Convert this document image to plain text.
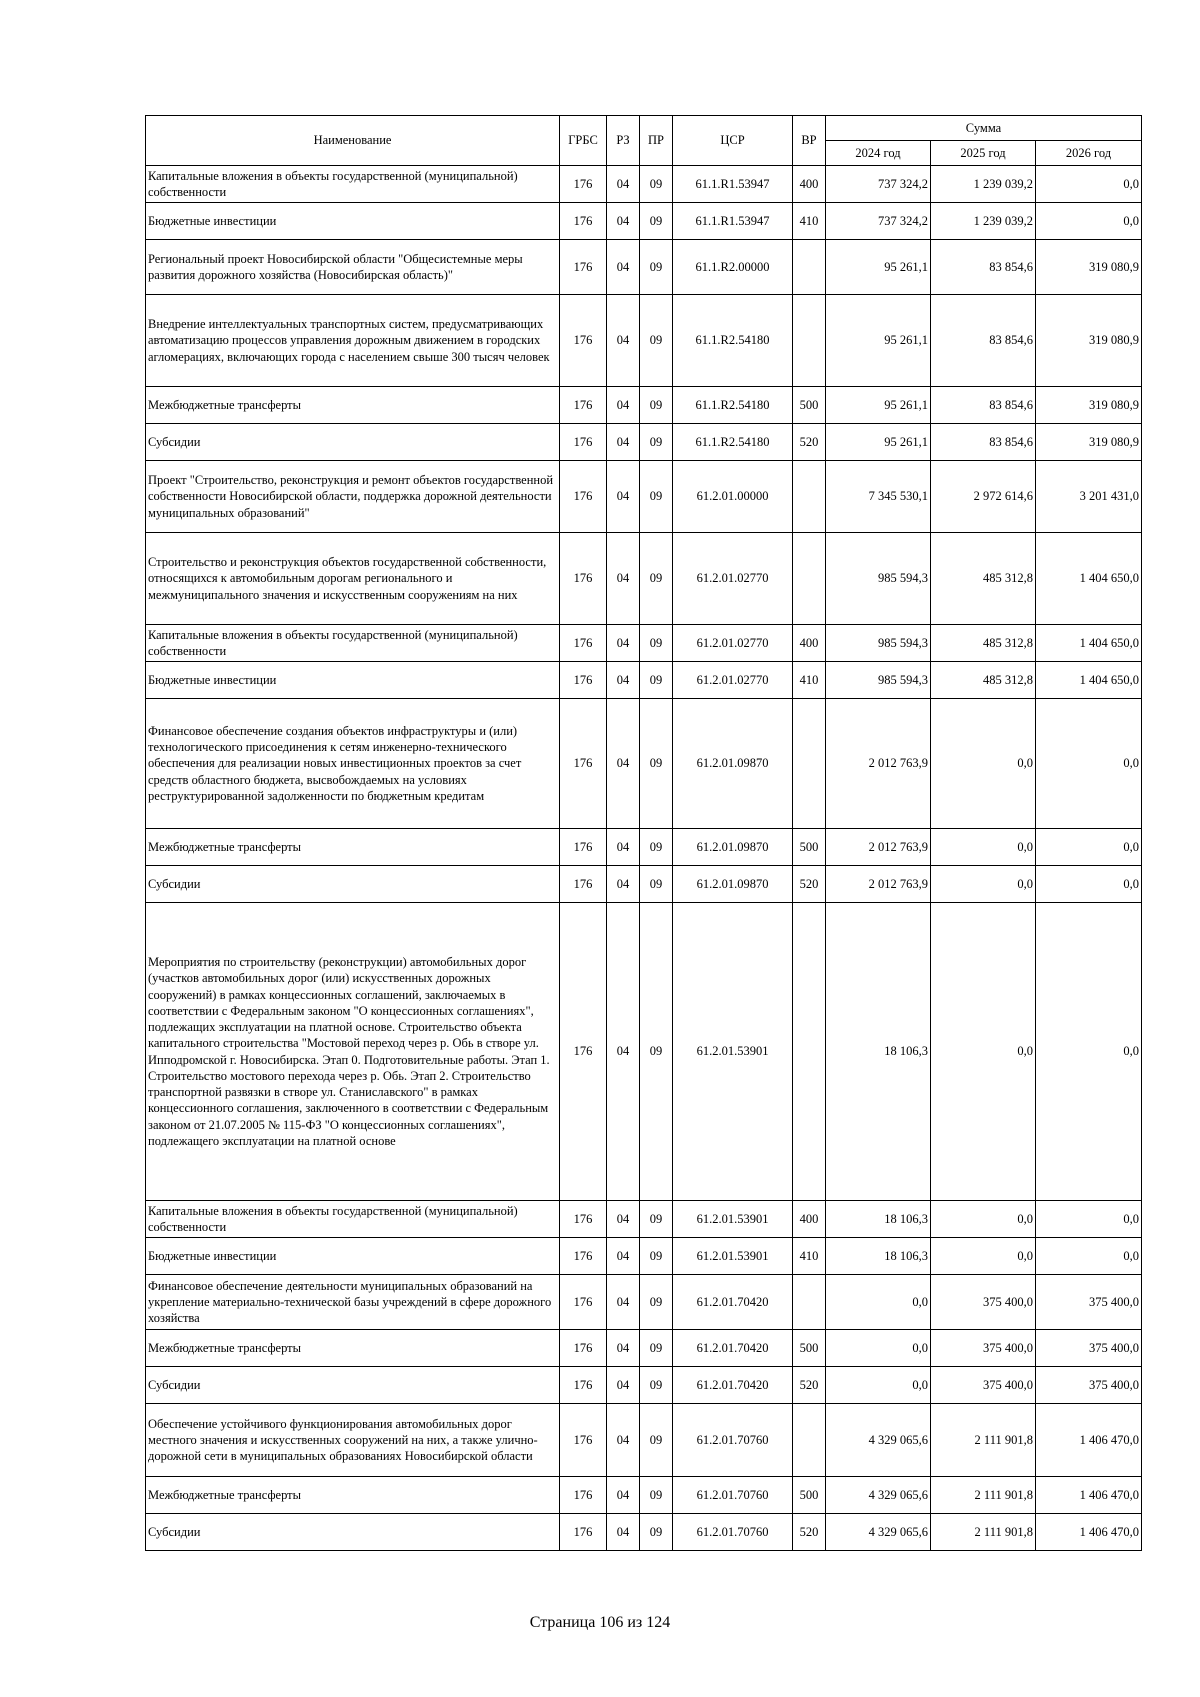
Наименование	ГРБС	РЗ	ПР	ЦСР	ВР	Сумма		
						2024 год	2025 год	2026 год
Капитальные вложения в объекты государственной (муниципальной) собственности	176	04	09	61.1.R1.53947	400	737 324,2	1 239 039,2	0,0
Бюджетные инвестиции	176	04	09	61.1.R1.53947	410	737 324,2	1 239 039,2	0,0
Региональный проект Новосибирской области "Общесистемные меры развития дорожного хозяйства (Новосибирская область)"	176	04	09	61.1.R2.00000		95 261,1	83 854,6	319 080,9
Внедрение интеллектуальных транспортных систем, предусматривающих автоматизацию процессов управления дорожным движением в городских агломерациях, включающих города с населением свыше 300 тысяч человек	176	04	09	61.1.R2.54180		95 261,1	83 854,6	319 080,9
Межбюджетные трансферты	176	04	09	61.1.R2.54180	500	95 261,1	83 854,6	319 080,9
Субсидии	176	04	09	61.1.R2.54180	520	95 261,1	83 854,6	319 080,9
Проект "Строительство, реконструкция и ремонт объектов государственной собственности Новосибирской области, поддержка дорожной деятельности муниципальных образований"	176	04	09	61.2.01.00000		7 345 530,1	2 972 614,6	3 201 431,0
Строительство и реконструкция объектов государственной собственности, относящихся к автомобильным дорогам регионального и межмуниципального значения и искусственным сооружениям на них	176	04	09	61.2.01.02770		985 594,3	485 312,8	1 404 650,0
Капитальные вложения в объекты государственной (муниципальной) собственности	176	04	09	61.2.01.02770	400	985 594,3	485 312,8	1 404 650,0
Бюджетные инвестиции	176	04	09	61.2.01.02770	410	985 594,3	485 312,8	1 404 650,0
Финансовое обеспечение создания объектов инфраструктуры и (или) технологического присоединения к сетям инженерно-технического обеспечения для реализации новых инвестиционных проектов за счет средств областного бюджета, высвобождаемых на условиях реструктурированной задолженности по бюджетным кредитам	176	04	09	61.2.01.09870		2 012 763,9	0,0	0,0
Межбюджетные трансферты	176	04	09	61.2.01.09870	500	2 012 763,9	0,0	0,0
Субсидии	176	04	09	61.2.01.09870	520	2 012 763,9	0,0	0,0
Мероприятия по строительству (реконструкции) автомобильных дорог (участков автомобильных дорог (или) искусственных дорожных сооружений) в рамках концессионных соглашений, заключаемых в соответствии с Федеральным законом "О концессионных соглашениях", подлежащих эксплуатации на платной основе. Строительство объекта капитального строительства "Мостовой переход через р. Обь в створе ул. Ипподромской г. Новосибирска. Этап 0. Подготовительные работы. Этап 1. Строительство мостового перехода через р. Обь. Этап 2. Строительство транспортной развязки в створе ул. Станиславского" в рамках концессионного соглашения, заключенного в соответствии с Федеральным законом от 21.07.2005 № 115-ФЗ "О концессионных соглашениях", подлежащего эксплуатации на платной основе	176	04	09	61.2.01.53901		18 106,3	0,0	0,0
Капитальные вложения в объекты государственной (муниципальной) собственности	176	04	09	61.2.01.53901	400	18 106,3	0,0	0,0
Бюджетные инвестиции	176	04	09	61.2.01.53901	410	18 106,3	0,0	0,0
Финансовое обеспечение деятельности муниципальных образований на укрепление материально-технической базы учреждений в сфере дорожного хозяйства	176	04	09	61.2.01.70420		0,0	375 400,0	375 400,0
Межбюджетные трансферты	176	04	09	61.2.01.70420	500	0,0	375 400,0	375 400,0
Субсидии	176	04	09	61.2.01.70420	520	0,0	375 400,0	375 400,0
Обеспечение устойчивого функционирования автомобильных дорог местного значения и искусственных сооружений на них, а также улично-дорожной сети в муниципальных образованиях Новосибирской области	176	04	09	61.2.01.70760		4 329 065,6	2 111 901,8	1 406 470,0
Межбюджетные трансферты	176	04	09	61.2.01.70760	500	4 329 065,6	2 111 901,8	1 406 470,0
Субсидии	176	04	09	61.2.01.70760	520	4 329 065,6	2 111 901,8	1 406 470,0
Страница 106 из 124
